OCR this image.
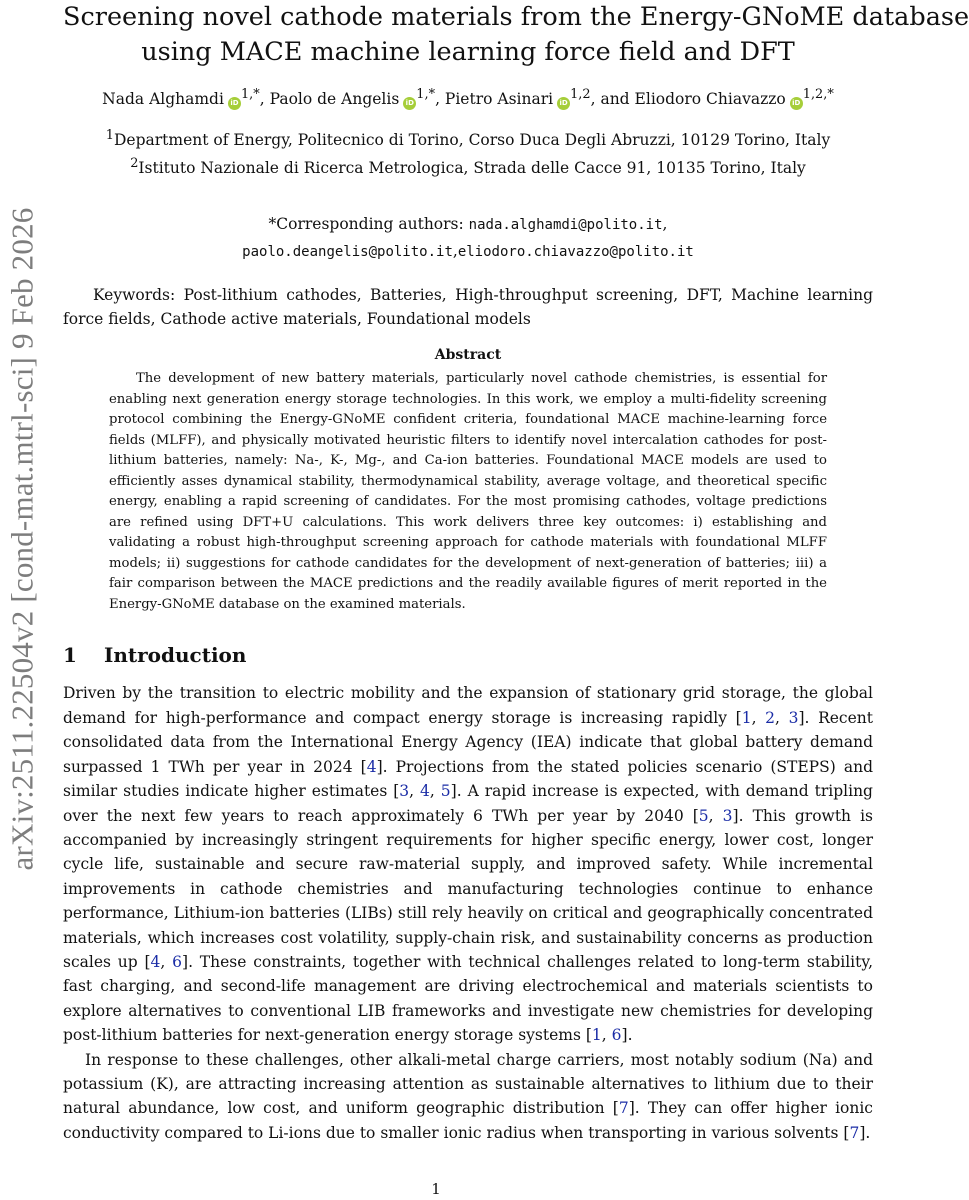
arXiv:2511.22504v2 [cond-mat.mtrl-sci] 9 Feb 2026
Screening novel cathode materials from the Energy-GNoME database
using MACE machine learning force field and DFT
Nada Alghamdi $iD^{1,*}$, Paolo de Angelis $iD^{1,*}$, Pietro Asinari iD$^{1,2}$, and Eliodoro Chiavazzo $iD^{1,2,*}$
$^1$Department of Energy, Politecnico di Torino, Corso Duca Degli Abruzzi, 10129 Torino, Italy
$^2$Istituto Nazionale di Ricerca Metrologica, Strada delle Cacce 91, 10135 Torino, Italy
*Corresponding authors: nada.alghamdi@polito.it,
paolo.deangelis@polito.it,eliodoro.chiavazzo@polito.it

Keywords: Post-lithium cathodes, Batteries, High-throughput screening, DFT, Machine learning force fields, Cathode active materials, Foundational models

Abstract

The development of new battery materials, particularly novel cathode chemistries, is essential for enabling next generation energy storage technologies. In this work, we employ a multi-fidelity screening protocol combining the Energy-GNoME confident criteria, foundational MACE machine-learning force fields (MLFF), and physically motivated heuristic filters to identify novel intercalation cathodes for post-lithium batteries, namely: Na-, K-, Mg-, and Ca-ion batteries. Foundational MACE models are used to efficiently asses dynamical stability, thermodynamical stability, average voltage, and theoretical specific energy, enabling a rapid screening of candidates. For the most promising cathodes, voltage predictions are refined using DFT+U calculations. This work delivers three key outcomes: i) establishing and validating a robust high-throughput screening approach for cathode materials with foundational MLFF models; ii) suggestions for cathode candidates for the development of next-generation of batteries; iii) a fair comparison between the MACE predictions and the readily available figures of merit reported in the Energy-GNoME database on the examined materials.

1 Introduction

Driven by the transition to electric mobility and the expansion of stationary grid storage, the global demand for high-performance and compact energy storage is increasing rapidly [1, 2, 3]. Recent consolidated data from the International Energy Agency (IEA) indicate that global battery demand surpassed 1 TWh per year in 2024 [4]. Projections from the stated policies scenario (STEPS) and similar studies indicate higher estimates [3, 4, 5]. A rapid increase is expected, with demand tripling over the next few years to reach approximately 6 TWh per year by 2040 [5, 3]. This growth is accompanied by increasingly stringent requirements for higher specific energy, lower cost, longer cycle life, sustainable and secure raw-material supply, and improved safety. While incremental improvements in cathode chemistries and manufacturing technologies continue to enhance performance, Lithium-ion batteries (LIBs) still rely heavily on critical and geographically concentrated materials, which increases cost volatility, supply-chain risk, and sustainability concerns as production scales up [4, 6]. These constraints, together with technical challenges related to long-term stability, fast charging, and second-life management are driving electrochemical and materials scientists to explore alternatives to conventional LIB frameworks and investigate new chemistries for developing post-lithium batteries for next-generation energy storage systems [1, 6].

In response to these challenges, other alkali-metal charge carriers, most notably sodium (Na) and potassium (K), are attracting increasing attention as sustainable alternatives to lithium due to their natural abundance, low cost, and uniform geographic distribution [7]. They can offer higher ionic conductivity compared to Li-ions due to smaller ionic radius when transporting in various solvents [7].

1
